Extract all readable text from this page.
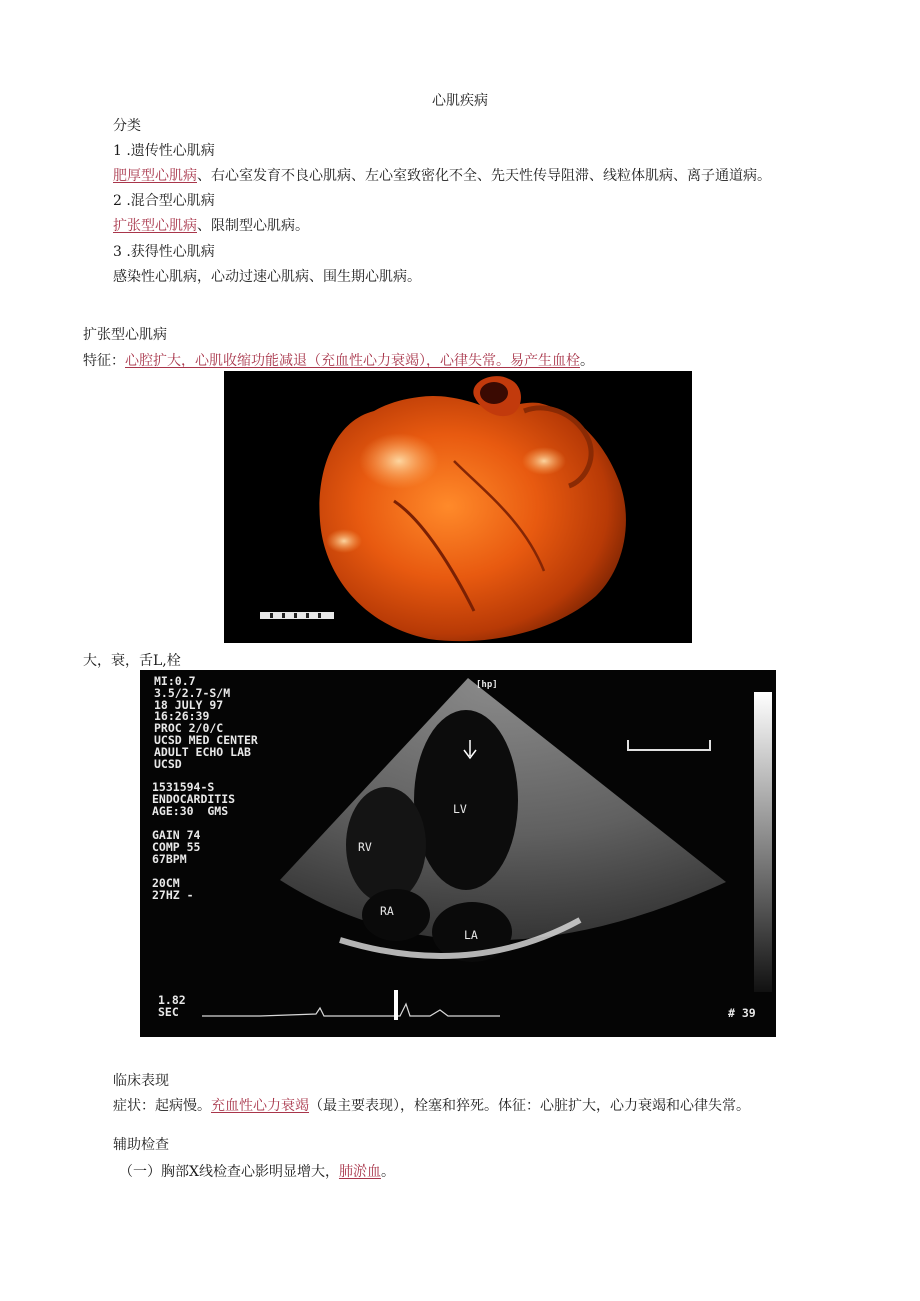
心肌疾病
分类
1 .遗传性心肌病
肥厚型心肌病、右心室发育不良心肌病、左心室致密化不全、先天性传导阻滞、线粒体肌病、离子通道病。
2 .混合型心肌病
扩张型心肌病、限制型心肌病。
3 .获得性心肌病
感染性心肌病，心动过速心肌病、围生期心肌病。
扩张型心肌病
特征：心腔扩大，心肌收缩功能减退（充血性心力衰竭），心律失常。易产生血栓。
大，衰，舌L,栓
MI:0.7
3.5/2.7-S/M
18 JULY 97
16:26:39
PROC 2/0/C
UCSD MED CENTER
ADULT ECHO LAB
UCSD
1531594-S
ENDOCARDITIS
AGE:30  GMS
GAIN 74
COMP 55
67BPM
20CM
27HZ -
1.82
SEC	# 39
[hp]
LV
RV
RA
LA
临床表现
症状：起病慢。充血性心力衰竭（最主要表现），栓塞和猝死。体征：心脏扩大，心力衰竭和心律失常。
辅助检查
（一）胸部X线检查心影明显增大，肺淤血。
